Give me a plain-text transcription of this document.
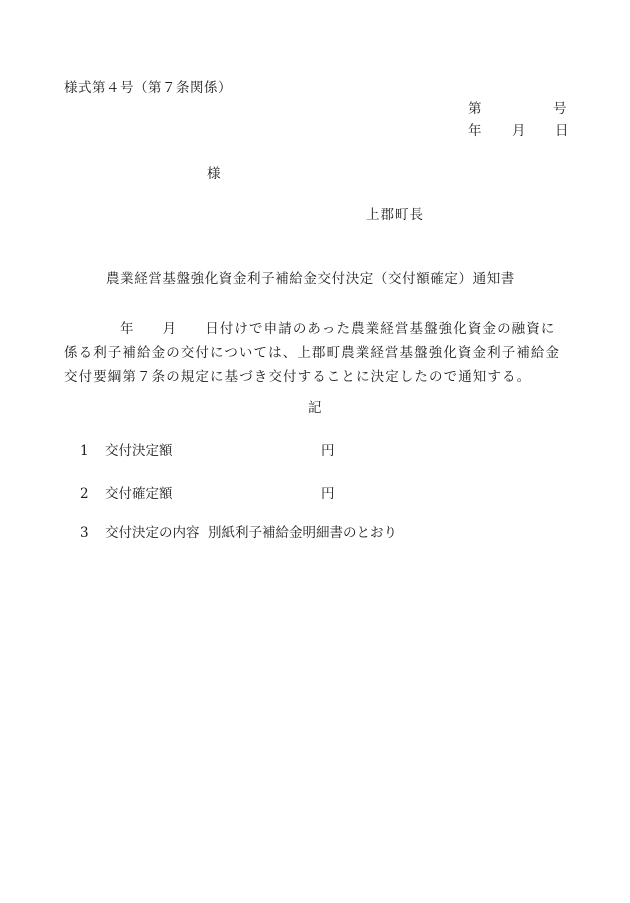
様式第４号（第７条関係）
第	号
年 月 日
様
上郡町長
農業経営基盤強化資金利子補給金交付決定（交付額確定）通知書
年 月 日付けで申請のあった農業経営基盤強化資金の融資に係る利子補給金の交付については、上郡町農業経営基盤強化資金利子補給金交付要綱第７条の規定に基づき交付することに決定したので通知する。
記
1 交付決定額	円
2 交付確定額	円
3 交付決定の内容 別紙利子補給金明細書のとおり
